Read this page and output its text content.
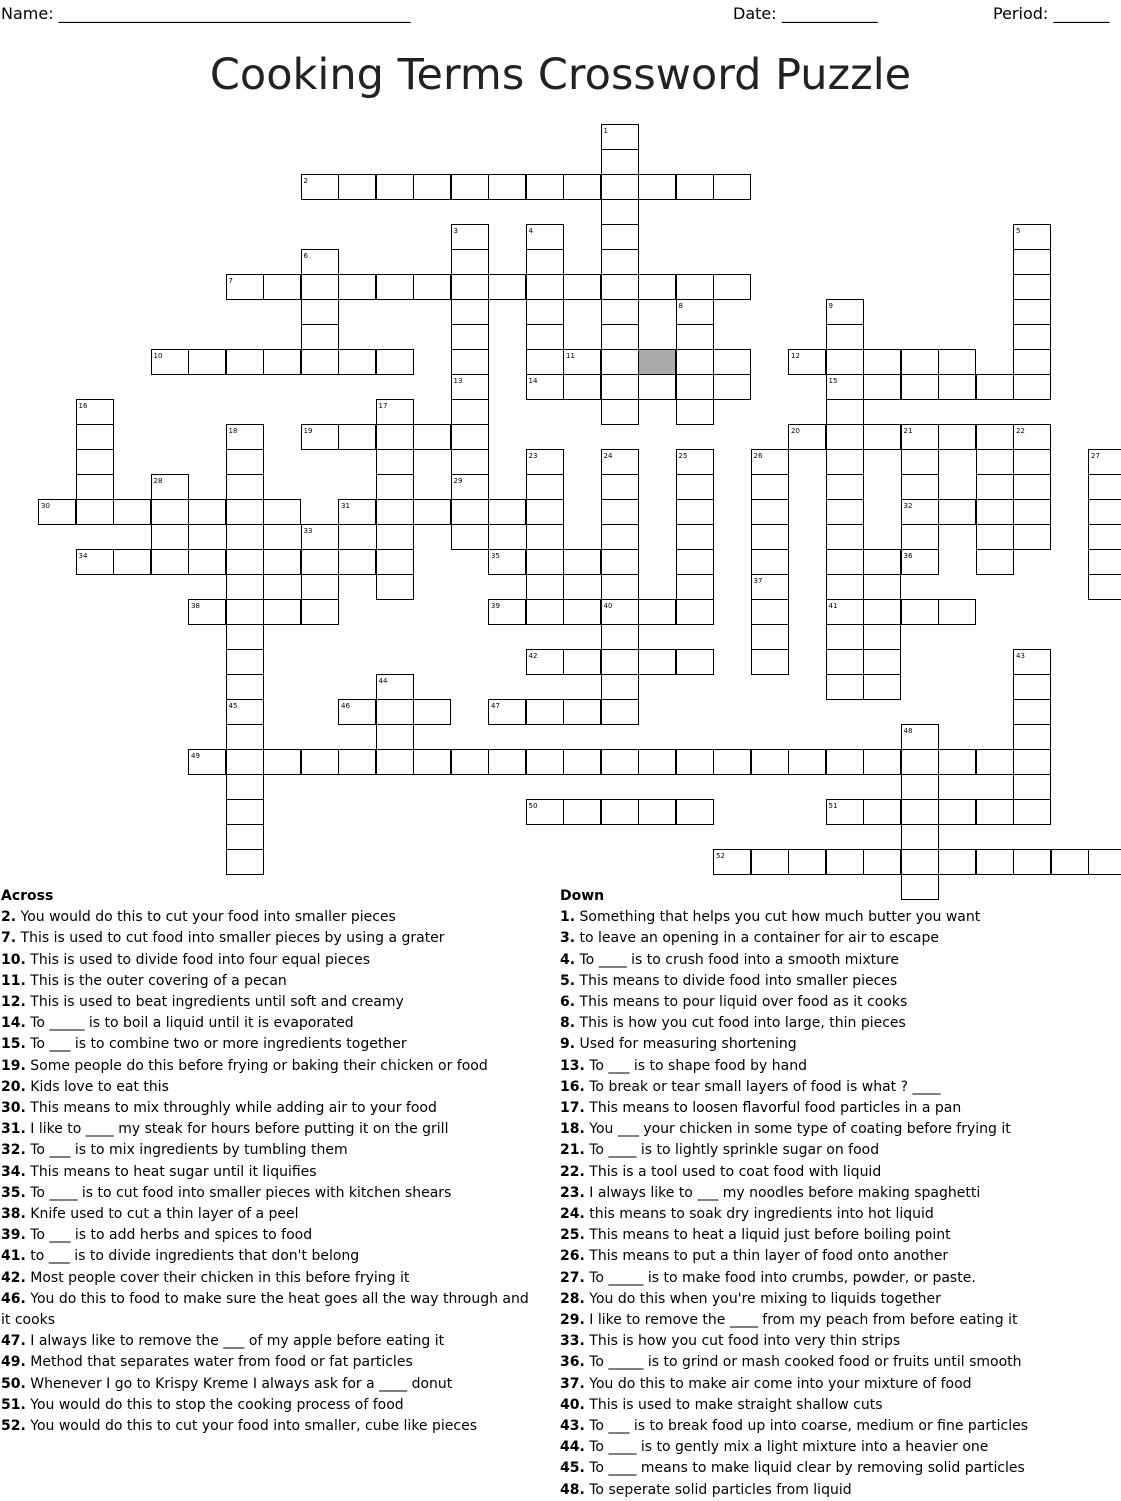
Name: ____________________________________________	Date: ____________	Period: _______
Cooking Terms Crossword Puzzle
1
2
3	4	5
6
7
8	9
10	11	12
13	14	15
16	17
18	19	20	21	22
23	24	25	26	27
28	29
30	31	32
33
34	35	36
37
38	39	40	41
42	43
44
45	46	47
48
49
50	51
52
Across
2. You would do this to cut your food into smaller pieces
7. This is used to cut food into smaller pieces by using a grater
10. This is used to divide food into four equal pieces
11. This is the outer covering of a pecan
12. This is used to beat ingredients until soft and creamy
14. To _____ is to boil a liquid until it is evaporated
15. To ___ is to combine two or more ingredients together
19. Some people do this before frying or baking their chicken or food
20. Kids love to eat this
30. This means to mix throughly while adding air to your food
31. I like to ____ my steak for hours before putting it on the grill
32. To ___ is to mix ingredients by tumbling them
34. This means to heat sugar until it liquifies
35. To ____ is to cut food into smaller pieces with kitchen shears
38. Knife used to cut a thin layer of a peel
39. To ___ is to add herbs and spices to food
41. to ___ is to divide ingredients that don't belong
42. Most people cover their chicken in this before frying it
46. You do this to food to make sure the heat goes all the way through and it cooks
47. I always like to remove the ___ of my apple before eating it
49. Method that separates water from food or fat particles
50. Whenever I go to Krispy Kreme I always ask for a ____ donut
51. You would do this to stop the cooking process of food
52. You would do this to cut your food into smaller, cube like pieces
Down
1. Something that helps you cut how much butter you want
3. to leave an opening in a container for air to escape
4. To ____ is to crush food into a smooth mixture
5. This means to divide food into smaller pieces
6. This means to pour liquid over food as it cooks
8. This is how you cut food into large, thin pieces
9. Used for measuring shortening
13. To ___ is to shape food by hand
16. To break or tear small layers of food is what ? ____
17. This means to loosen flavorful food particles in a pan
18. You ___ your chicken in some type of coating before frying it
21. To ____ is to lightly sprinkle sugar on food
22. This is a tool used to coat food with liquid
23. I always like to ___ my noodles before making spaghetti
24. this means to soak dry ingredients into hot liquid
25. This means to heat a liquid just before boiling point
26. This means to put a thin layer of food onto another
27. To _____ is to make food into crumbs, powder, or paste.
28. You do this when you're mixing to liquids together
29. I like to remove the ____ from my peach from before eating it
33. This is how you cut food into very thin strips
36. To _____ is to grind or mash cooked food or fruits until smooth
37. You do this to make air come into your mixture of food
40. This is used to make straight shallow cuts
43. To ___ is to break food up into coarse, medium or fine particles
44. To ____ is to gently mix a light mixture into a heavier one
45. To ____ means to make liquid clear by removing solid particles
48. To seperate solid particles from liquid
